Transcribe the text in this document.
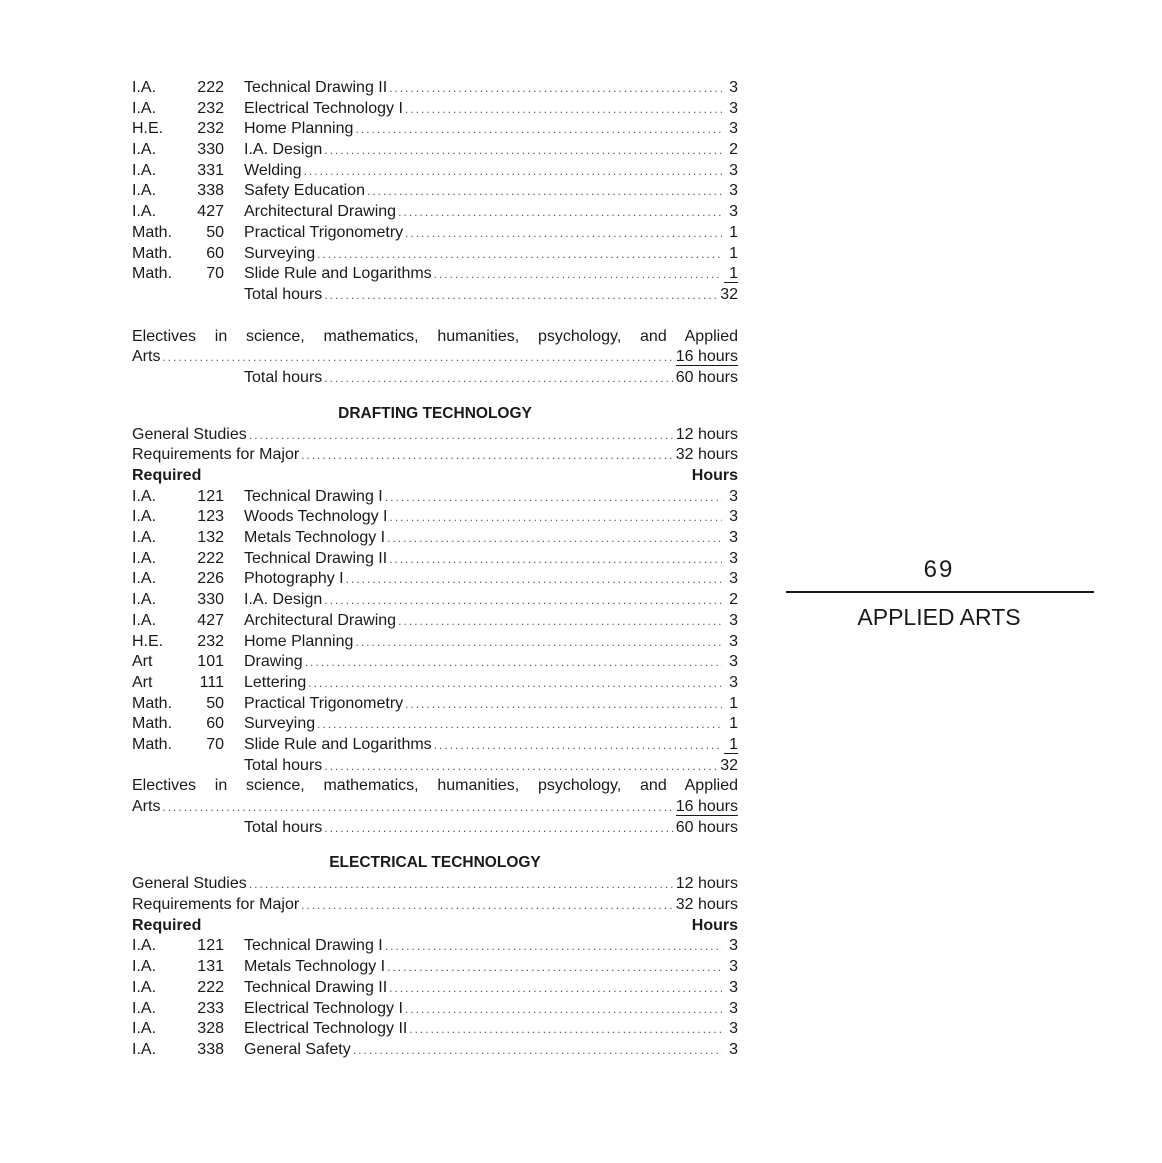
I.A.	222	Technical Drawing II .....	3
I.A.	232	Electrical Technology I .....	3
H.E.	232	Home Planning .....	3
I.A.	330	I.A. Design .....	2
I.A.	331	Welding .....	3
I.A.	338	Safety Education .....	3
I.A.	427	Architectural Drawing .....	3
Math.	50	Practical Trigonometry .....	1
Math.	60	Surveying .....	1
Math.	70	Slide Rule and Logarithms .....	1
Total hours .....	32
Electives in science, mathematics, humanities, psychology, and Applied
Arts .....	16 hours
Total hours .....	60 hours
DRAFTING TECHNOLOGY
General Studies .....	12 hours
Requirements for Major .....	32 hours
Required	Hours
I.A.	121	Technical Drawing I .....	3
I.A.	123	Woods Technology I .....	3
I.A.	132	Metals Technology I .....	3
I.A.	222	Technical Drawing II .....	3
I.A.	226	Photography I .....	3
I.A.	330	I.A. Design .....	2
I.A.	427	Architectural Drawing .....	3
H.E.	232	Home Planning .....	3
Art	101	Drawing .....	3
Art	111	Lettering .....	3
Math.	50	Practical Trigonometry .....	1
Math.	60	Surveying .....	1
Math.	70	Slide Rule and Logarithms .....	1
Total hours .....	32
Electives in science, mathematics, humanities, psychology, and Applied
Arts .....	16 hours
Total hours .....	60 hours
ELECTRICAL TECHNOLOGY
General Studies .....	12 hours
Requirements for Major .....	32 hours
Required	Hours
I.A.	121	Technical Drawing I .....	3
I.A.	131	Metals Technology I .....	3
I.A.	222	Technical Drawing II .....	3
I.A.	233	Electrical Technology I .....	3
I.A.	328	Electrical Technology II .....	3
I.A.	338	General Safety .....	3
69
APPLIED ARTS
